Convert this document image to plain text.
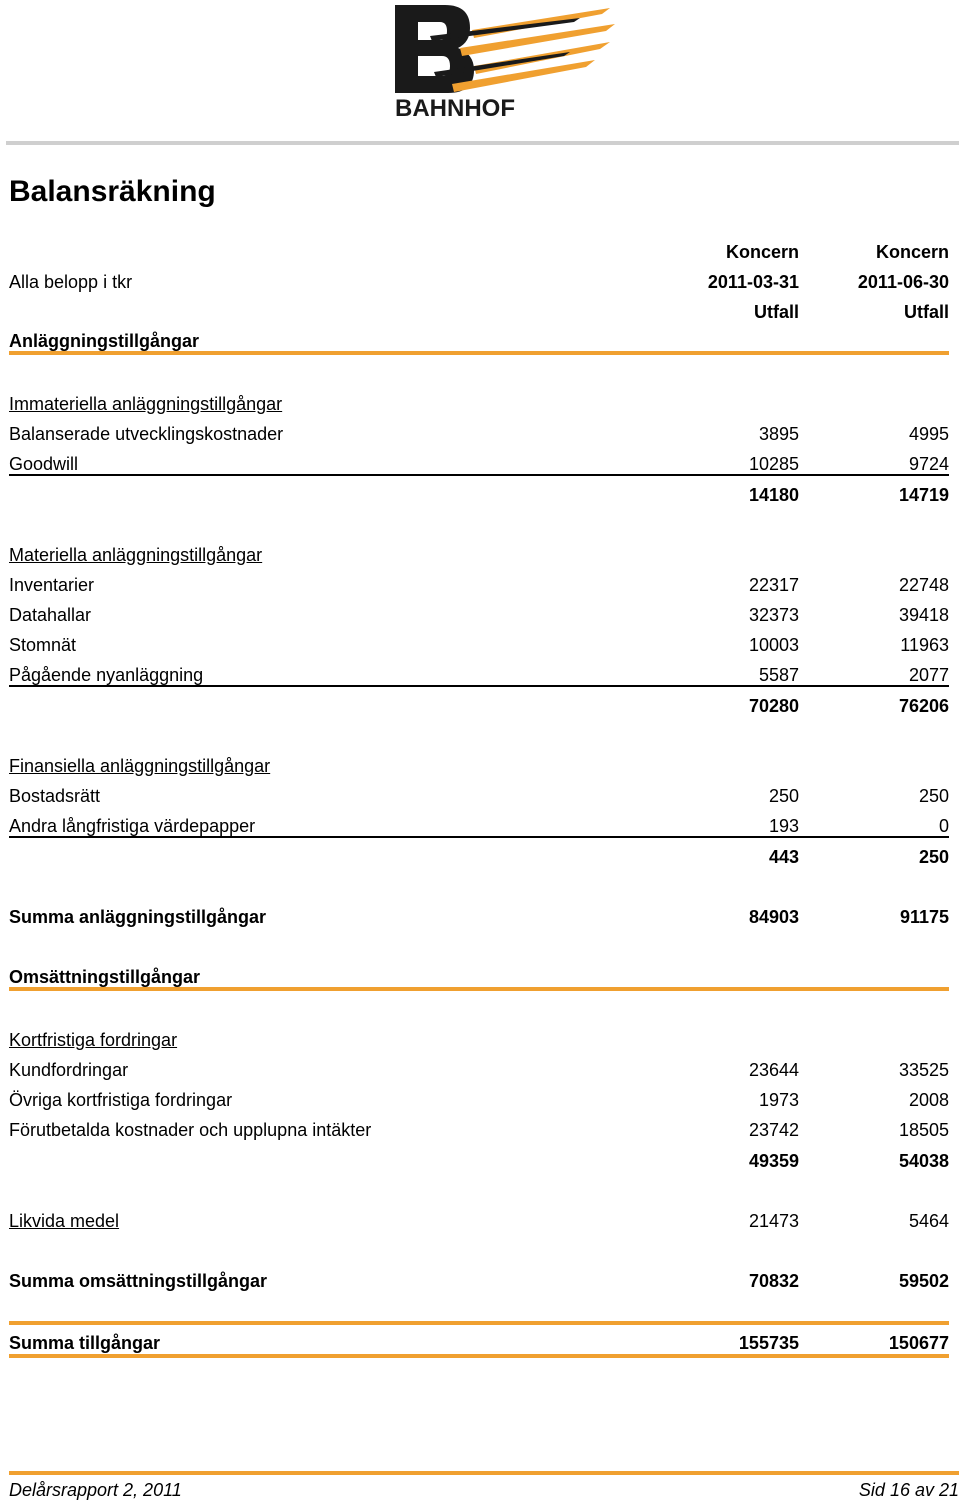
BAHNHOF
Balansräkning
Koncern	Koncern
Alla belopp i tkr	2011-03-31	2011-06-30
Utfall	Utfall
Anläggningstillgångar
Immateriella anläggningstillgångar
Balanserade utvecklingskostnader	3895	4995
Goodwill	10285	9724
14180	14719
Materiella anläggningstillgångar
Inventarier	22317	22748
Datahallar	32373	39418
Stomnät	10003	11963
Pågående nyanläggning	5587	2077
70280	76206
Finansiella anläggningstillgångar
Bostadsrätt	250	250
Andra långfristiga värdepapper	193	0
443	250
Summa anläggningstillgångar	84903	91175
Omsättningstillgångar
Kortfristiga fordringar
Kundfordringar	23644	33525
Övriga kortfristiga fordringar	1973	2008
Förutbetalda kostnader och upplupna intäkter	23742	18505
49359	54038
Likvida medel	21473	5464
Summa omsättningstillgångar	70832	59502
Summa tillgångar	155735	150677
Delårsrapport 2, 2011	Sid 16 av 21
